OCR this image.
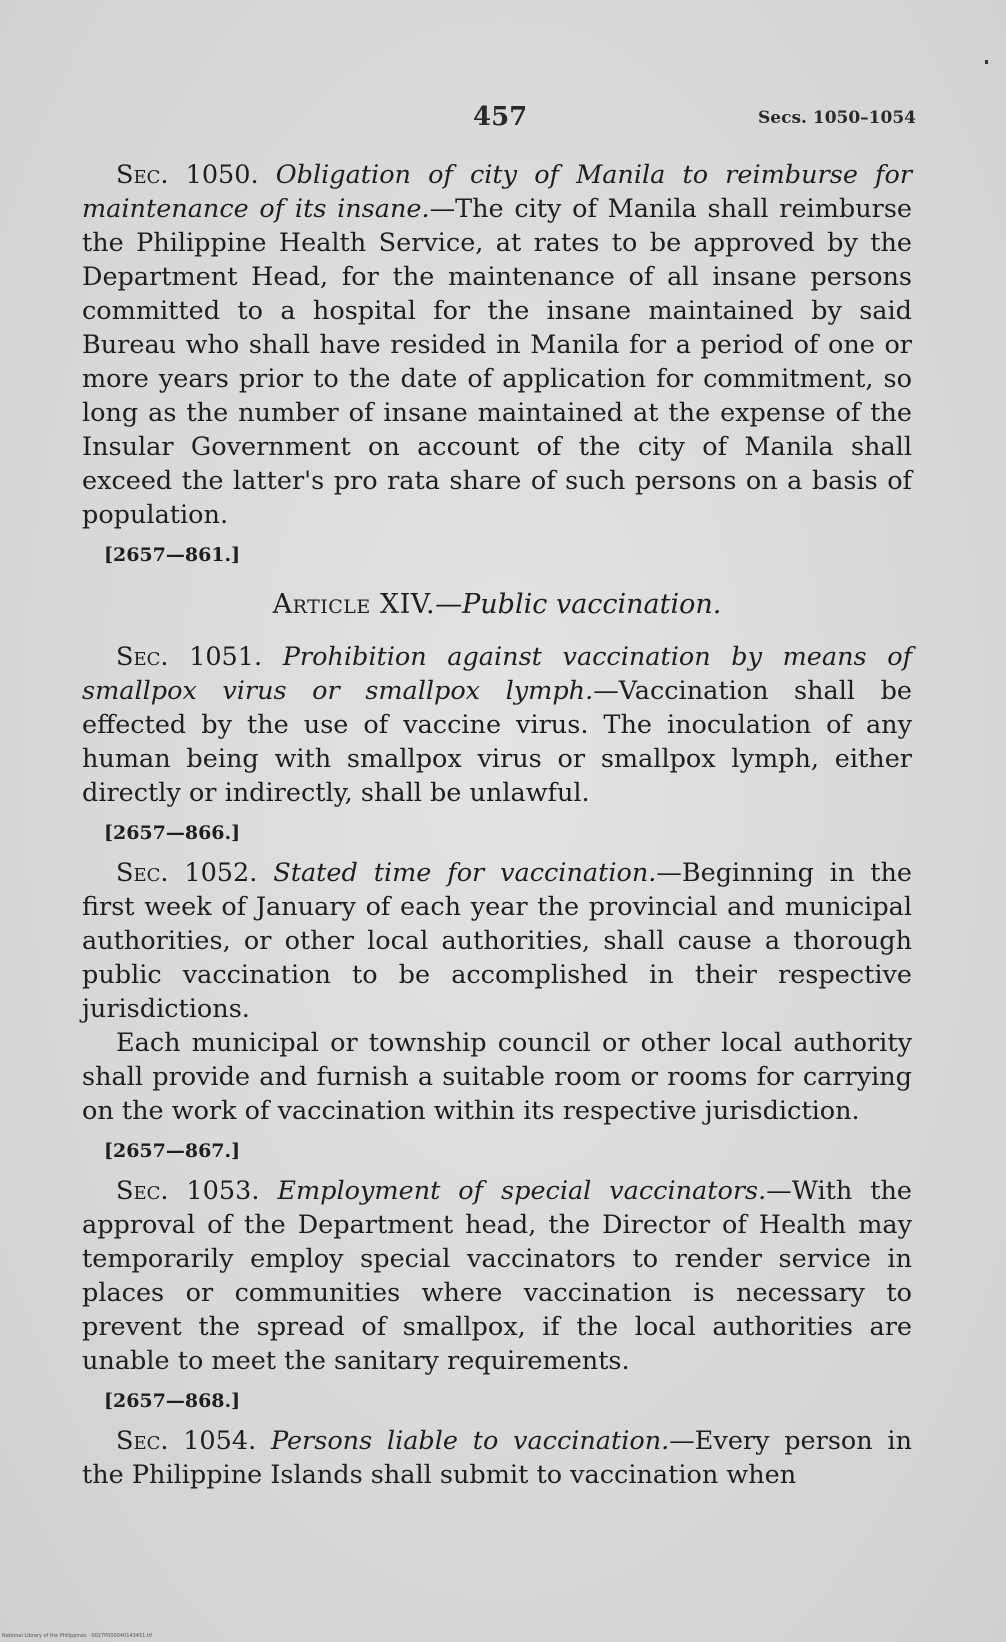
457	Secs. 1050–1054

Sec. 1050. Obligation of city of Manila to reimburse for maintenance of its insane.—The city of Manila shall reimburse the Philippine Health Service, at rates to be approved by the Department Head, for the maintenance of all insane persons committed to a hospital for the insane maintained by said Bureau who shall have resided in Manila for a period of one or more years prior to the date of application for commitment, so long as the number of insane maintained at the expense of the Insular Government on account of the city of Manila shall exceed the latter's pro rata share of such persons on a basis of population.

[2657—861.]
Article XIV.—Public vaccination.

Sec. 1051. Prohibition against vaccination by means of smallpox virus or smallpox lymph.—Vaccination shall be effected by the use of vaccine virus. The inoculation of any human being with smallpox virus or smallpox lymph, either directly or indirectly, shall be unlawful.

[2657—866.]

Sec. 1052. Stated time for vaccination.—Beginning in the first week of January of each year the provincial and municipal authorities, or other local authorities, shall cause a thorough public vaccination to be accomplished in their respective jurisdictions.

Each municipal or township council or other local authority shall provide and furnish a suitable room or rooms for carrying on the work of vaccination within its respective jurisdiction.

[2657—867.]

Sec. 1053. Employment of special vaccinators.—With the approval of the Department head, the Director of Health may temporarily employ special vaccinators to render service in places or communities where vaccination is necessary to prevent the spread of smallpox, if the local authorities are unable to meet the sanitary requirements.

[2657—868.]

Sec. 1054. Persons liable to vaccination.—Every person in the Philippine Islands shall submit to vaccination when

National Library of the Philippines · 0027P000040143451.tif
